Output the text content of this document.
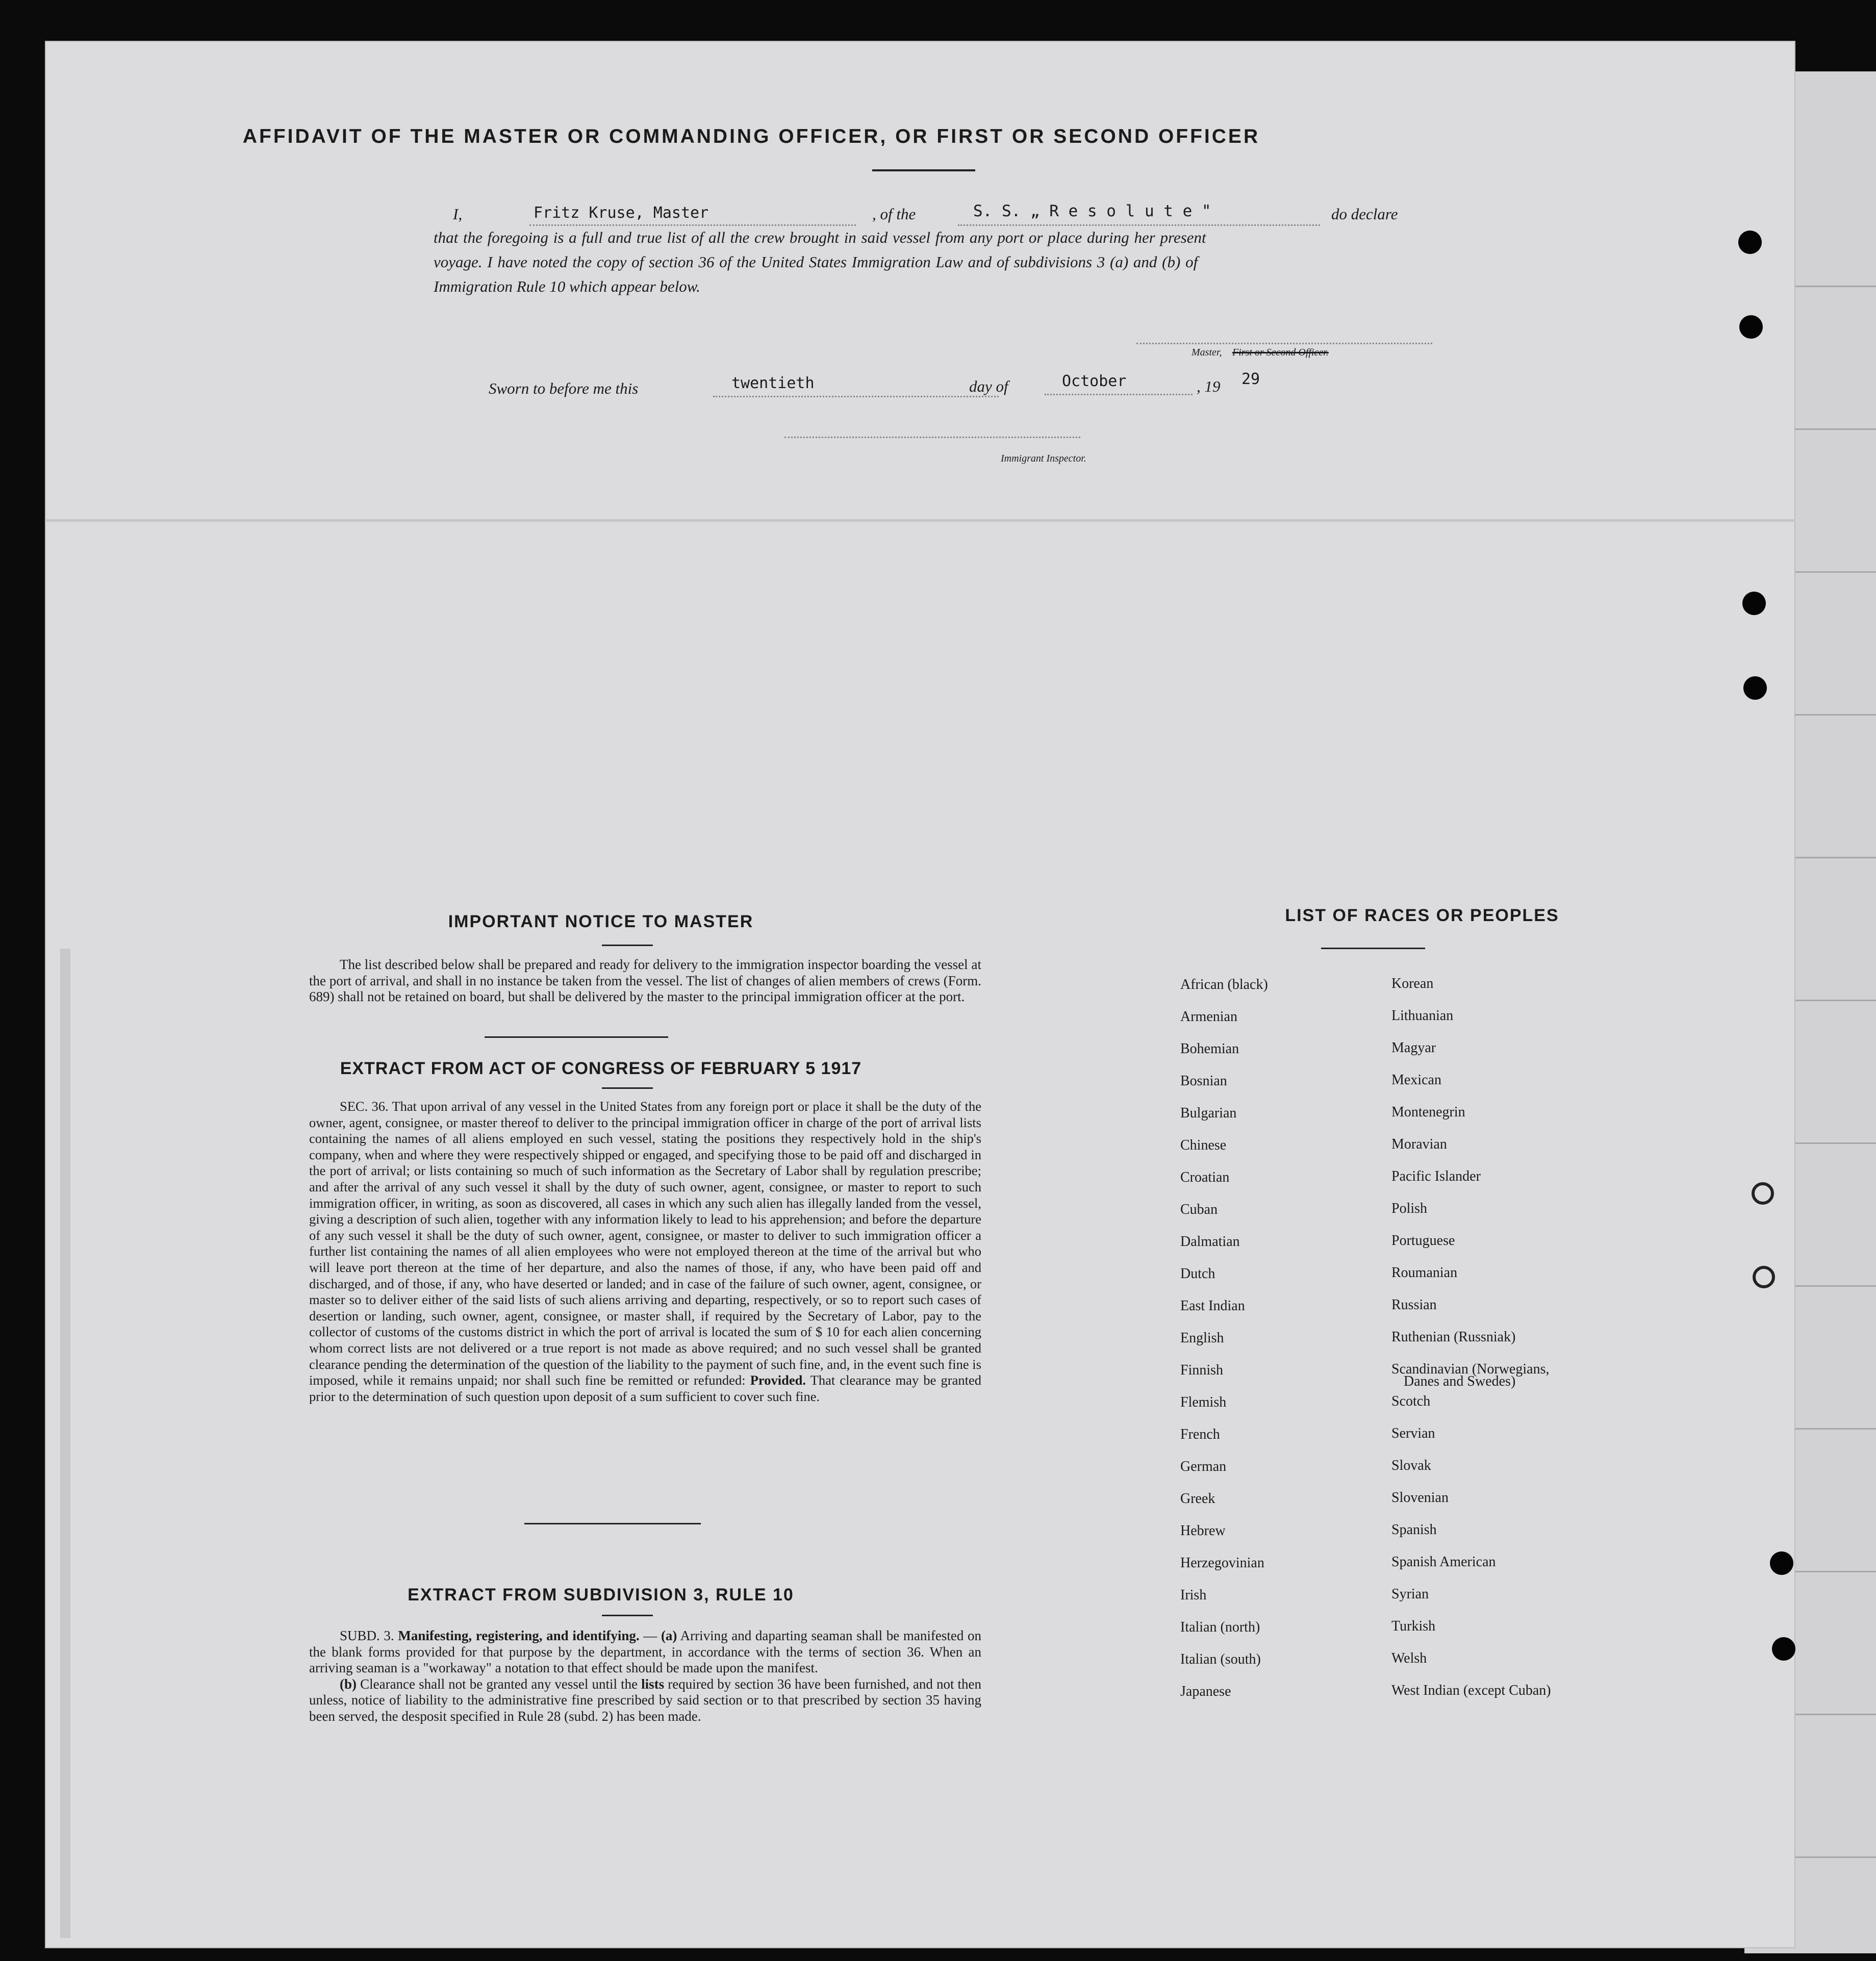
AFFIDAVIT OF THE MASTER OR COMMANDING OFFICER, OR FIRST OR SECOND OFFICER
I,	Fritz Kruse, Master	, of the	S. S. „ R e s o l u t e "	do declare
that the foregoing is a full and true list of all the crew brought in said vessel from any port or place during her present
voyage. I have noted the copy of section 36 of the United States Immigration Law and of subdivisions 3 (a) and (b) of
Immigration Rule 10 which appear below.
Master, First or Second Officer.
Sworn to before me this	twentieth	day of	October	, 19 29
Immigrant Inspector.
IMPORTANT NOTICE TO MASTER

The list described below shall be prepared and ready for delivery to the immigration inspector boarding the vessel at the port of arrival, and shall in no instance be taken from the vessel. The list of changes of alien members of crews (Form. 689) shall not be retained on board, but shall be delivered by the master to the principal immigration officer at the port.

EXTRACT FROM ACT OF CONGRESS OF FEBRUARY 5 1917

SEC. 36. That upon arrival of any vessel in the United States from any foreign port or place it shall be the duty of the owner, agent, consignee, or master thereof to deliver to the principal immigration officer in charge of the port of arrival lists containing the names of all aliens employed en such vessel, stating the positions they respectively hold in the ship's company, when and where they were respectively shipped or engaged, and specifying those to be paid off and discharged in the port of arrival; or lists containing so much of such information as the Secretary of Labor shall by regulation prescribe; and after the arrival of any such vessel it shall by the duty of such owner, agent, consignee, or master to report to such immigration officer, in writing, as soon as discovered, all cases in which any such alien has illegally landed from the vessel, giving a description of such alien, together with any information likely to lead to his apprehension; and before the departure of any such vessel it shall be the duty of such owner, agent, consignee, or master to deliver to such immigration officer a further list containing the names of all alien employees who were not employed thereon at the time of the arrival but who will leave port thereon at the time of her departure, and also the names of those, if any, who have been paid off and discharged, and of those, if any, who have deserted or landed; and in case of the failure of such owner, agent, consignee, or master so to deliver either of the said lists of such aliens arriving and departing, respectively, or so to report such cases of desertion or landing, such owner, agent, consignee, or master shall, if required by the Secretary of Labor, pay to the collector of customs of the customs district in which the port of arrival is located the sum of $ 10 for each alien concerning whom correct lists are not delivered or a true report is not made as above required; and no such vessel shall be granted clearance pending the determination of the question of the liability to the payment of such fine, and, in the event such fine is imposed, while it remains unpaid; nor shall such fine be remitted or refunded: Provided. That clearance may be granted prior to the determination of such question upon deposit of a sum sufficient to cover such fine.

EXTRACT FROM SUBDIVISION 3, RULE 10

SUBD. 3. Manifesting, registering, and identifying. — (a) Arriving and daparting seaman shall be manifested on the blank forms provided for that purpose by the department, in accordance with the terms of section 36. When an arriving seaman is a "workaway" a notation to that effect should be made upon the manifest.

(b) Clearance shall not be granted any vessel until the lists required by section 36 have been furnished, and not then unless, notice of liability to the administrative fine prescribed by said section or to that prescribed by section 35 having been served, the desposit specified in Rule 28 (subd. 2) has been made.

LIST OF RACES OR PEOPLES
African (black)
Armenian
Bohemian
Bosnian
Bulgarian
Chinese
Croatian
Cuban
Dalmatian
Dutch
East Indian
English
Finnish
Flemish
French
German
Greek
Hebrew
Herzegovinian
Irish
Italian (north)
Italian (south)
Japanese
Korean
Lithuanian
Magyar
Mexican
Montenegrin
Moravian
Pacific Islander
Polish
Portuguese
Roumanian
Russian
Ruthenian (Russniak)
Scandinavian (Norwegians,
Danes and Swedes)
Scotch
Servian
Slovak
Slovenian
Spanish
Spanish American
Syrian
Turkish
Welsh
West Indian (except Cuban)
